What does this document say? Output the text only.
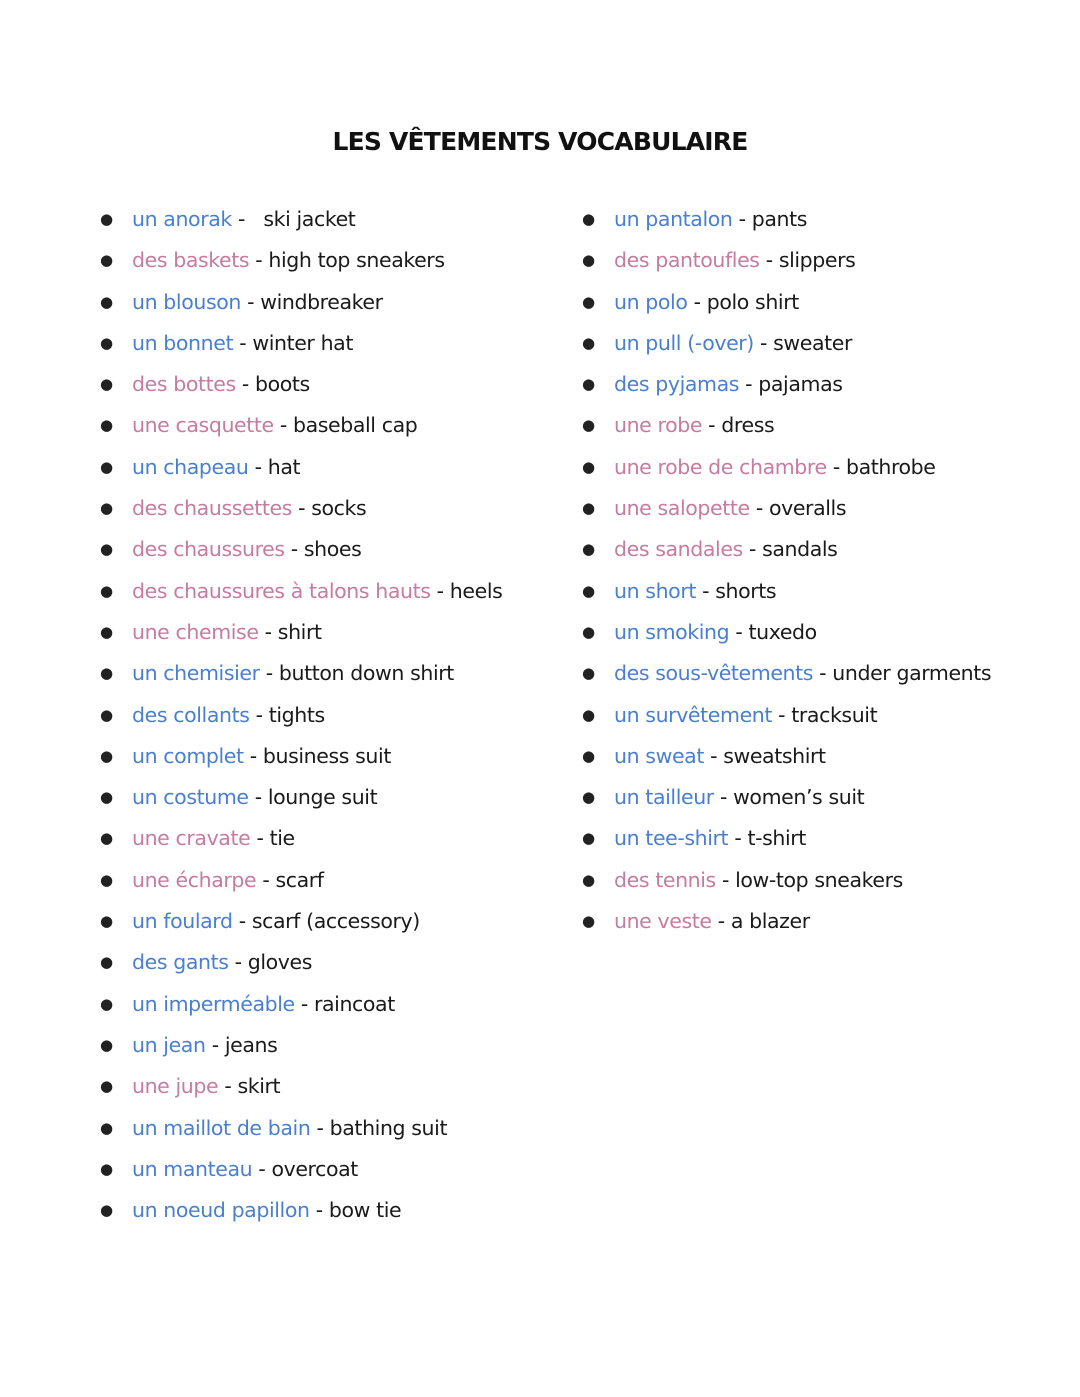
LES VÊTEMENTS VOCABULAIRE
● un anorak -   ski jacket
● des baskets - high top sneakers
● un blouson - windbreaker
● un bonnet - winter hat
● des bottes - boots
● une casquette - baseball cap
● un chapeau - hat
● des chaussettes - socks
● des chaussures - shoes
● des chaussures à talons hauts - heels
● une chemise - shirt
● un chemisier - button down shirt
● des collants - tights
● un complet - business suit
● un costume - lounge suit
● une cravate - tie
● une écharpe - scarf
● un foulard - scarf (accessory)
● des gants - gloves
● un imperméable - raincoat
● un jean - jeans
● une jupe - skirt
● un maillot de bain - bathing suit
● un manteau - overcoat
● un noeud papillon - bow tie
● un pantalon - pants
● des pantoufles - slippers
● un polo - polo shirt
● un pull (-over) - sweater
● des pyjamas - pajamas
● une robe - dress
● une robe de chambre - bathrobe
● une salopette - overalls
● des sandales - sandals
● un short - shorts
● un smoking - tuxedo
● des sous-vêtements - under garments
● un survêtement - tracksuit
● un sweat - sweatshirt
● un tailleur - women’s suit
● un tee-shirt - t-shirt
● des tennis - low-top sneakers
● une veste - a blazer
